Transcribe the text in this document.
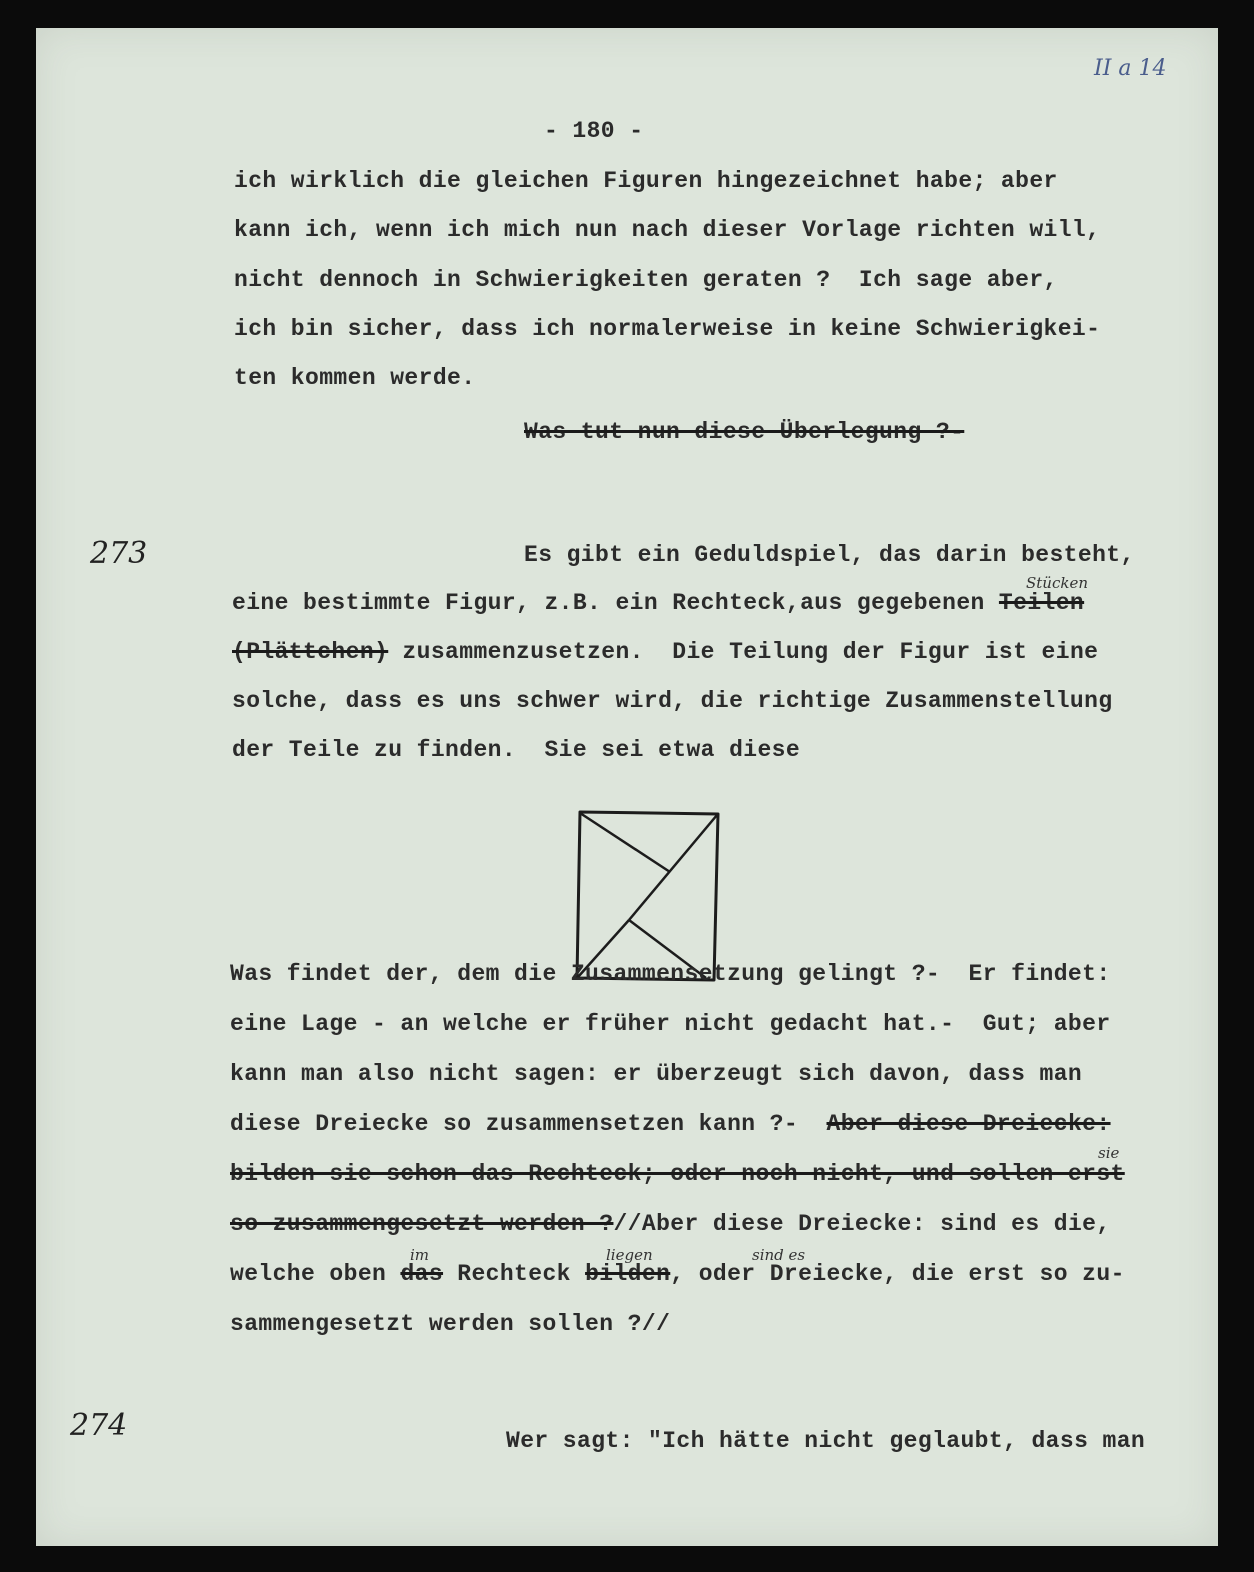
II a 14
- 180 -
ich wirklich die gleichen Figuren hingezeichnet habe; aber
kann ich, wenn ich mich nun nach dieser Vorlage richten will,
nicht dennoch in Schwierigkeiten geraten ?  Ich sage aber,
ich bin sicher, dass ich normalerweise in keine Schwierigkei-
ten kommen werde.
Was tut nun diese Überlegung ?-
273	Es gibt ein Geduldspiel, das darin besteht,
eine bestimmte Figur, z.B. ein Rechteck,aus gegebenen Teilen
Stücken
(Plättchen) zusammenzusetzen.  Die Teilung der Figur ist eine
solche, dass es uns schwer wird, die richtige Zusammenstellung
der Teile zu finden.  Sie sei etwa diese
Was findet der, dem die Zusammensetzung gelingt ?-  Er findet:
eine Lage - an welche er früher nicht gedacht hat.-  Gut; aber
kann man also nicht sagen: er überzeugt sich davon, dass man
diese Dreiecke so zusammensetzen kann ?-  Aber diese Dreiecke:
bilden sie schon das Rechteck; oder noch nicht, und sollen erst
sie
so zusammengesetzt werden ?//Aber diese Dreiecke: sind es die,
welche oben das Rechteck bilden, oder Dreiecke, die erst so zu-
im	liegen	sind es
sammengesetzt werden sollen ?//
274	Wer sagt: "Ich hätte nicht geglaubt, dass man
